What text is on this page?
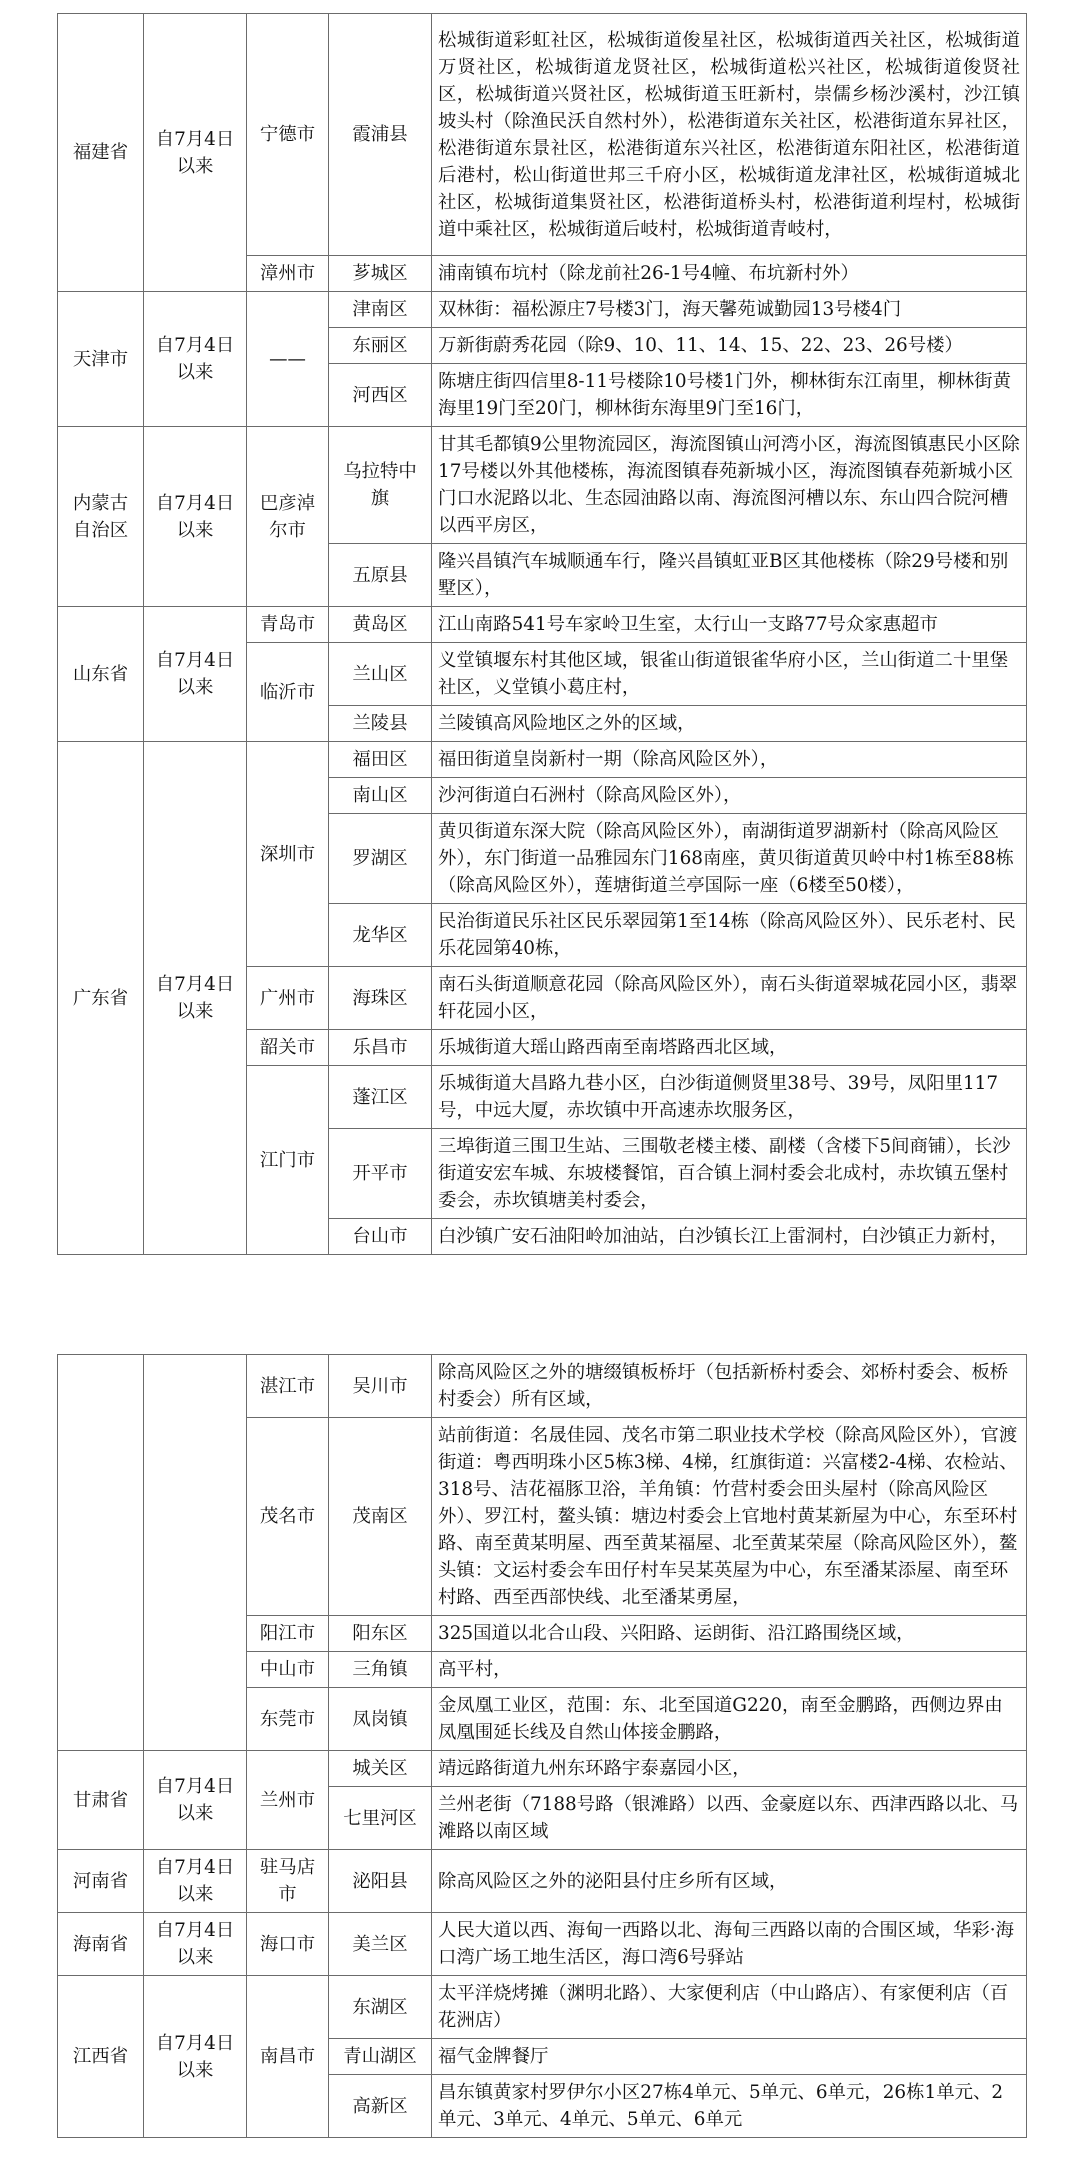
福建省	自7月4日以来	宁德市	霞浦县	松城街道彩虹社区，松城街道俊星社区，松城街道西关社区，松城街道万贤社区，松城街道龙贤社区，松城街道松兴社区，松城街道俊贤社区，松城街道兴贤社区，松城街道玉旺新村，崇儒乡杨沙溪村，沙江镇坡头村（除渔民沃自然村外），松港街道东关社区，松港街道东昇社区，松港街道东景社区，松港街道东兴社区，松港街道东阳社区，松港街道后港村，松山街道世邦三千府小区，松城街道龙津社区，松城街道城北社区，松城街道集贤社区，松港街道桥头村，松港街道利埕村，松城街道中乘社区，松城街道后岐村，松城街道青岐村，
		漳州市	芗城区	浦南镇布坑村（除龙前社26-1号4幢、布坑新村外）
天津市	自7月4日以来	——	津南区	双林街：福松源庄7号楼3门，海天馨苑诚勤园13号楼4门
			东丽区	万新街蔚秀花园（除9、10、11、14、15、22、23、26号楼）
			河西区	陈塘庄街四信里8-11号楼除10号楼1门外，柳林街东江南里，柳林街黄海里19门至20门，柳林街东海里9门至16门，
内蒙古自治区	自7月4日以来	巴彦淖尔市	乌拉特中旗	甘其毛都镇9公里物流园区，海流图镇山河湾小区，海流图镇惠民小区除17号楼以外其他楼栋，海流图镇春苑新城小区，海流图镇春苑新城小区门口水泥路以北、生态园油路以南、海流图河槽以东、东山四合院河槽以西平房区，
			五原县	隆兴昌镇汽车城顺通车行，隆兴昌镇虹亚B区其他楼栋（除29号楼和别墅区），
山东省	自7月4日以来	青岛市	黄岛区	江山南路541号车家岭卫生室，太行山一支路77号众家惠超市
		临沂市	兰山区	义堂镇堰东村其他区域，银雀山街道银雀华府小区，兰山街道二十里堡社区，义堂镇小葛庄村，
			兰陵县	兰陵镇高风险地区之外的区域，
广东省	自7月4日以来	深圳市	福田区	福田街道皇岗新村一期（除高风险区外），
			南山区	沙河街道白石洲村（除高风险区外），
			罗湖区	黄贝街道东深大院（除高风险区外），南湖街道罗湖新村（除高风险区外），东门街道一品雅园东门168南座，黄贝街道黄贝岭中村1栋至88栋（除高风险区外），莲塘街道兰亭国际一座（6楼至50楼），
			龙华区	民治街道民乐社区民乐翠园第1至14栋（除高风险区外）、民乐老村、民乐花园第40栋，
		广州市	海珠区	南石头街道顺意花园（除高风险区外），南石头街道翠城花园小区，翡翠轩花园小区，
		韶关市	乐昌市	乐城街道大瑶山路西南至南塔路西北区域，
		江门市	蓬江区	乐城街道大昌路九巷小区，白沙街道侧贤里38号、39号，凤阳里117号，中远大厦，赤坎镇中开高速赤坎服务区，
			开平市	三埠街道三围卫生站、三围敬老楼主楼、副楼（含楼下5间商铺），长沙街道安宏车城、东坡楼餐馆，百合镇上洞村委会北成村，赤坎镇五堡村委会，赤坎镇塘美村委会，
			台山市	白沙镇广安石油阳岭加油站，白沙镇长江上雷洞村，白沙镇正力新村，
		湛江市	吴川市	除高风险区之外的塘缀镇板桥圩（包括新桥村委会、郊桥村委会、板桥村委会）所有区域，
		茂名市	茂南区	站前街道：名晟佳园、茂名市第二职业技术学校（除高风险区外），官渡街道：粤西明珠小区5栋3梯、4梯，红旗街道：兴富楼2-4梯、农检站、318号、洁花福豚卫浴，羊角镇：竹营村委会田头屋村（除高风险区外）、罗江村，鳌头镇：塘边村委会上官地村黄某新屋为中心，东至环村路、南至黄某明屋、西至黄某福屋、北至黄某荣屋（除高风险区外），鳌头镇：文运村委会车田仔村车吴某英屋为中心，东至潘某添屋、南至环村路、西至西部快线、北至潘某勇屋，
		阳江市	阳东区	325国道以北合山段、兴阳路、运朗街、沿江路围绕区域，
		中山市	三角镇	高平村，
		东莞市	凤岗镇	金凤凰工业区，范围：东、北至国道G220，南至金鹏路，西侧边界由凤凰围延长线及自然山体接金鹏路，
甘肃省	自7月4日以来	兰州市	城关区	靖远路街道九州东环路宇泰嘉园小区，
			七里河区	兰州老街（7188号路（银滩路）以西、金豪庭以东、西津西路以北、马滩路以南区域
河南省	自7月4日以来	驻马店市	泌阳县	除高风险区之外的泌阳县付庄乡所有区域，
海南省	自7月4日以来	海口市	美兰区	人民大道以西、海甸一西路以北、海甸三西路以南的合围区域，华彩·海口湾广场工地生活区，海口湾6号驿站
江西省	自7月4日以来	南昌市	东湖区	太平洋烧烤摊（渊明北路）、大家便利店（中山路店）、有家便利店（百花洲店）
			青山湖区	福气金牌餐厅
			高新区	昌东镇黄家村罗伊尔小区27栋4单元、5单元、6单元，26栋1单元、2单元、3单元、4单元、5单元、6单元
